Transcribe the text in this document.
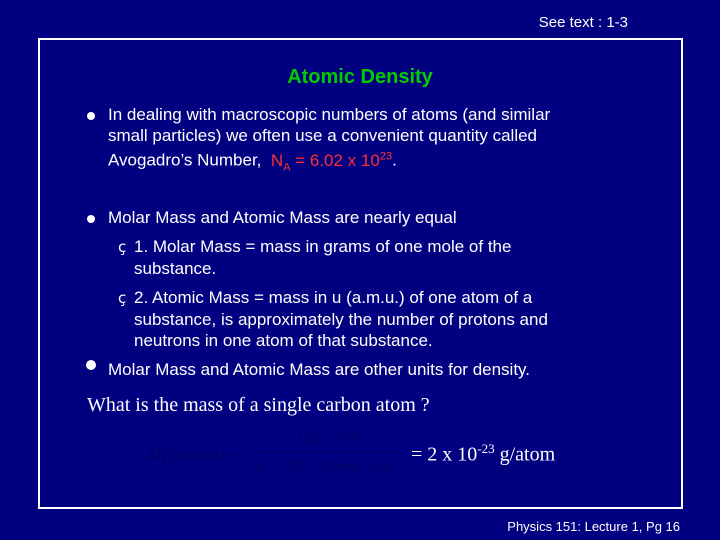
See text : 1-3
Atomic Density
In dealing with macroscopic numbers of atoms (and similar
small particles) we often use a convenient quantity called
Avogadro’s Number, $N_A = 6.02$ x $10^{23}$.
Molar Mass and Atomic Mass are nearly equal
ç 1. Molar Mass = mass in grams of one mole of the
substance.
ç 2. Atomic Mass = mass in u (a.m.u.) of one atom of a
substance, is approximately the number of protons and
neutrons in one atom of that substance.
Molar Mass and Atomic Mass are other units for density.
What is the mass of a single carbon atom ?
M(carbon) =
12g / mol
$6 \times 10^{23}$ atoms / mol = 2 x $10^{-23}$ g/atom
Physics 151: Lecture 1, Pg 16
